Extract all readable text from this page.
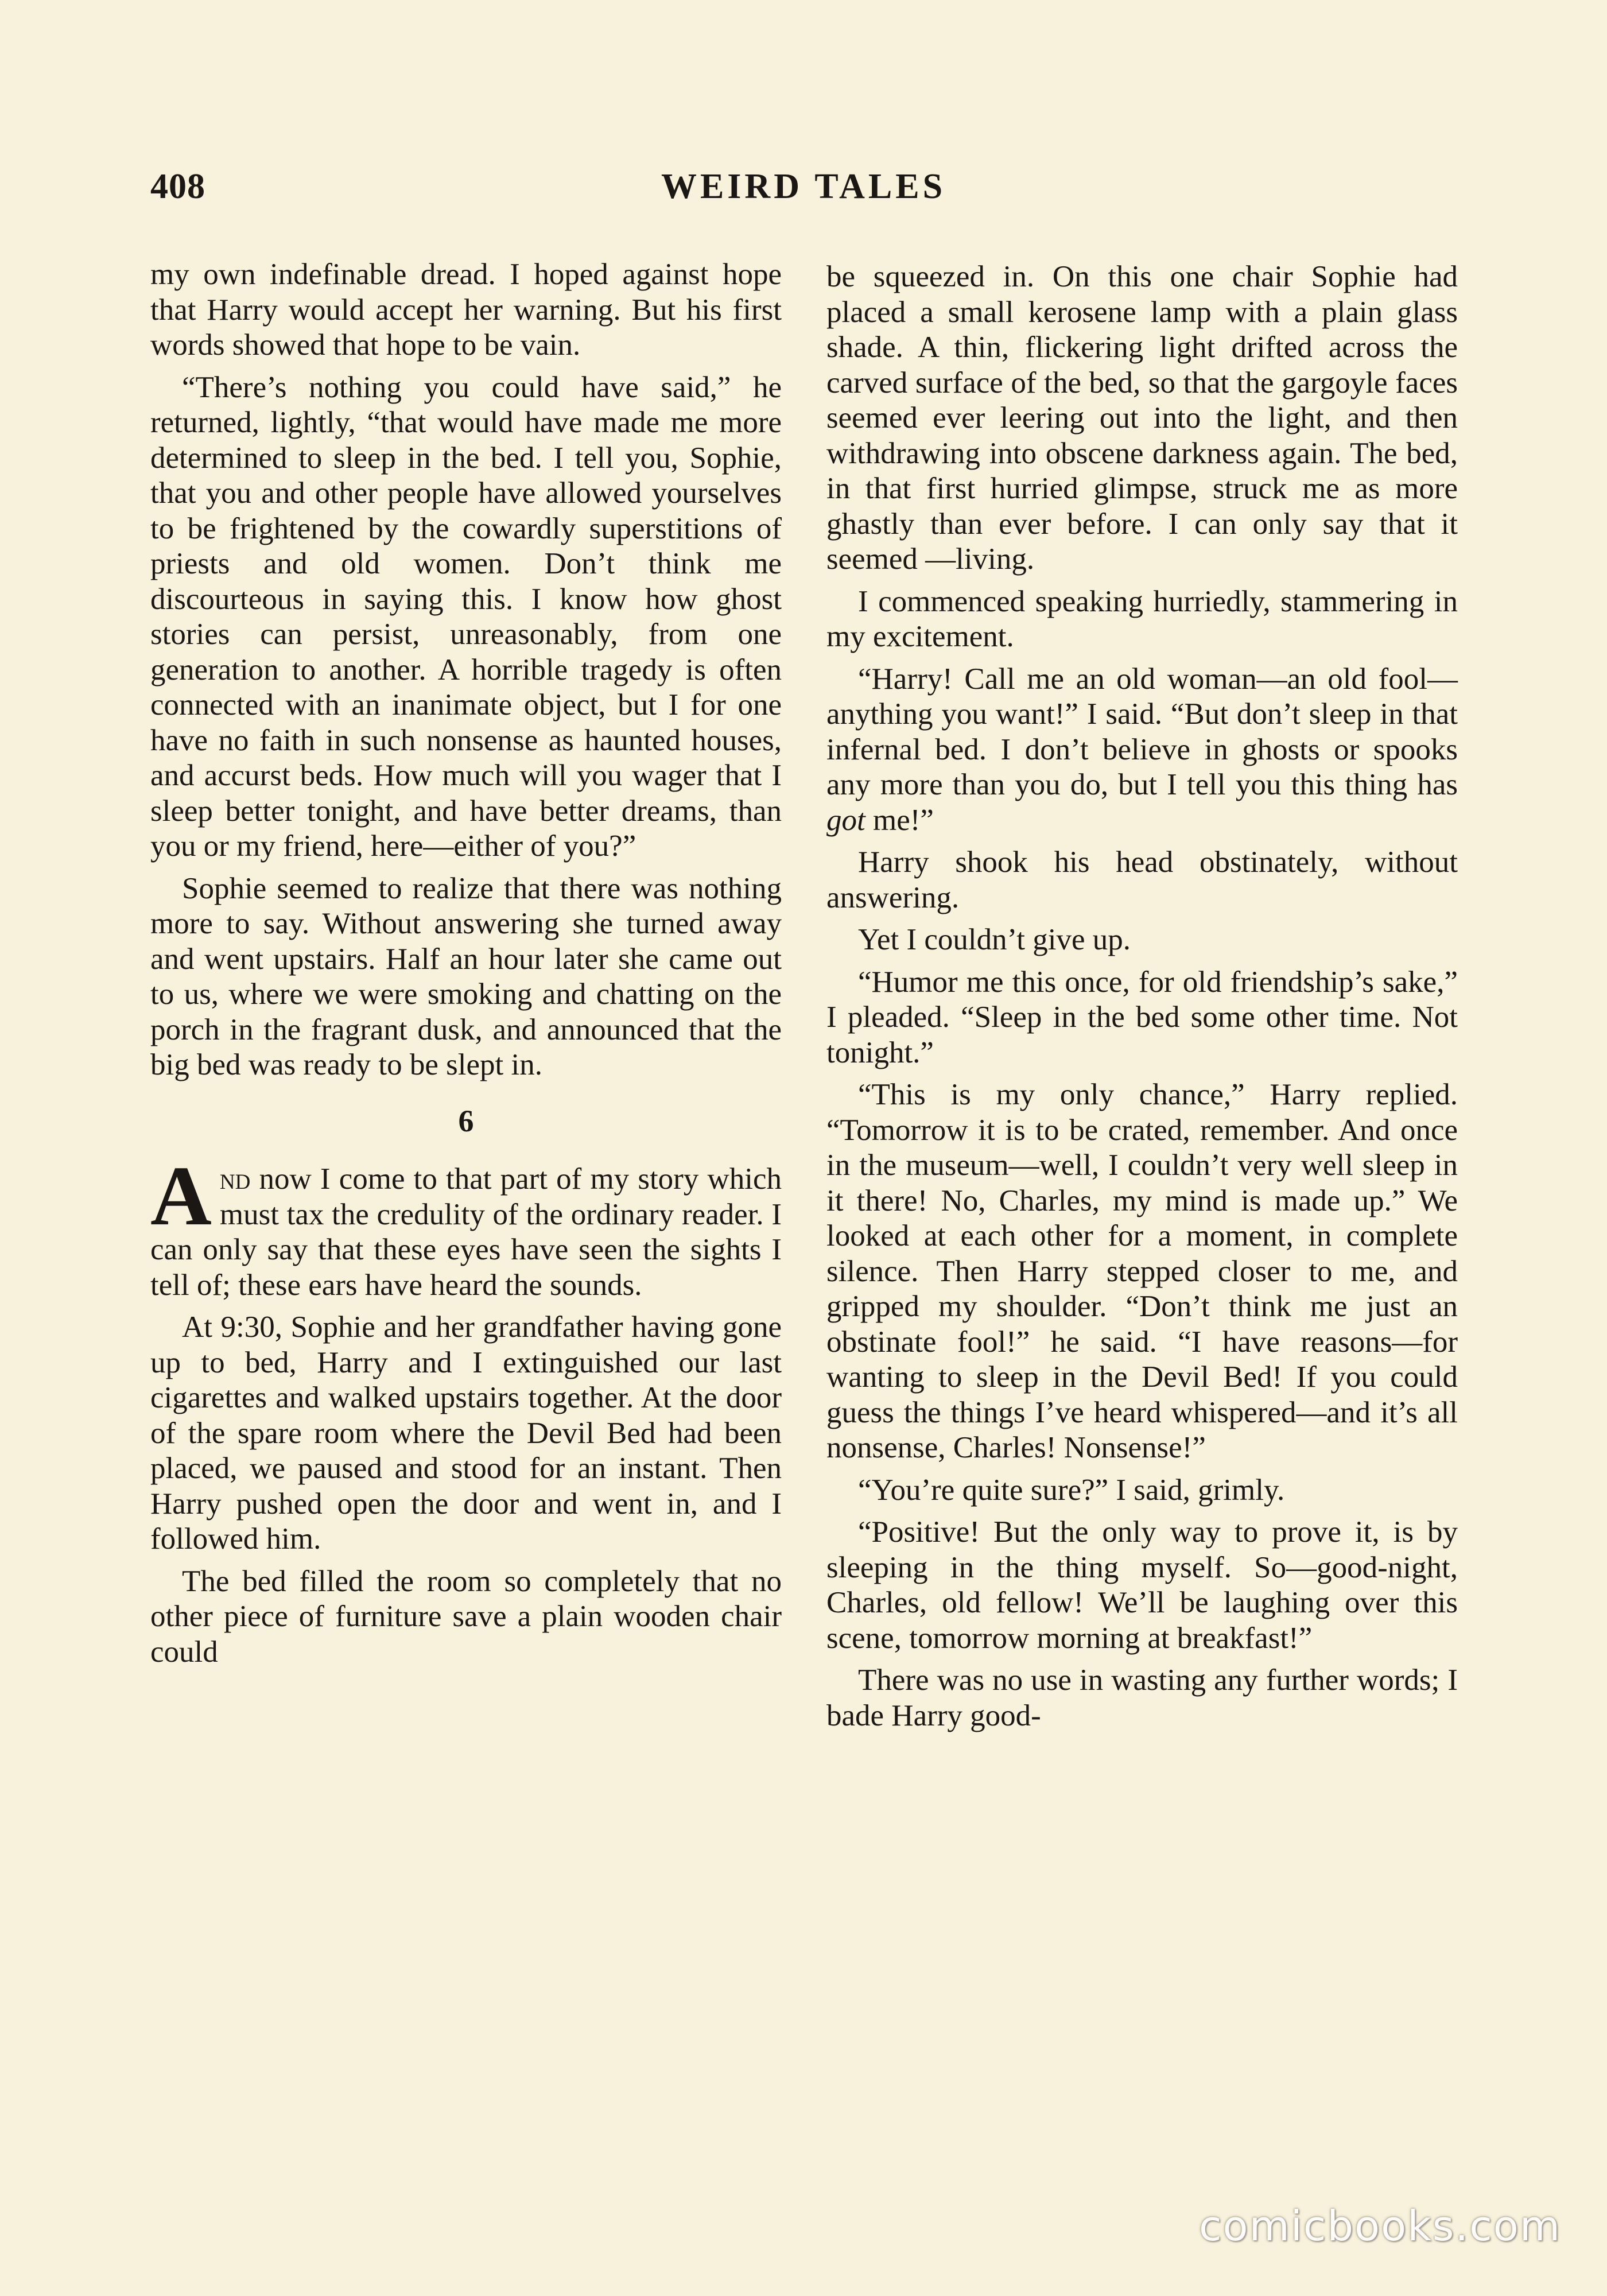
408	WEIRD TALES

my own indefinable dread. I hoped against hope that Harry would accept her warning. But his first words showed that hope to be vain.

“There’s nothing you could have said,” he returned, lightly, “that would have made me more determined to sleep in the bed. I tell you, Sophie, that you and other people have allowed yourselves to be frightened by the cowardly superstitions of priests and old women. Don’t think me discourteous in saying this. I know how ghost stories can persist, unreasonably, from one generation to another. A horrible tragedy is often connected with an inanimate object, but I for one have no faith in such nonsense as haunted houses, and accurst beds. How much will you wager that I sleep better tonight, and have better dreams, than you or my friend, here—either of you?”

Sophie seemed to realize that there was nothing more to say. Without answering she turned away and went upstairs. Half an hour later she came out to us, where we were smoking and chatting on the porch in the fragrant dusk, and announced that the big bed was ready to be slept in.

6

And now I come to that part of my story which must tax the credulity of the ordinary reader. I can only say that these eyes have seen the sights I tell of; these ears have heard the sounds.

At 9:30, Sophie and her grandfather having gone up to bed, Harry and I extinguished our last cigarettes and walked upstairs together. At the door of the spare room where the Devil Bed had been placed, we paused and stood for an instant. Then Harry pushed open the door and went in, and I followed him.

The bed filled the room so completely that no other piece of furniture save a plain wooden chair could

be squeezed in. On this one chair Sophie had placed a small kerosene lamp with a plain glass shade. A thin, flickering light drifted across the carved surface of the bed, so that the gargoyle faces seemed ever leering out into the light, and then withdrawing into obscene darkness again. The bed, in that first hurried glimpse, struck me as more ghastly than ever before. I can only say that it seemed —living.

I commenced speaking hurriedly, stammering in my excitement.

“Harry! Call me an old woman—an old fool—anything you want!” I said. “But don’t sleep in that infernal bed. I don’t believe in ghosts or spooks any more than you do, but I tell you this thing has got me!”

Harry shook his head obstinately, without answering.

Yet I couldn’t give up.

“Humor me this once, for old friendship’s sake,” I pleaded. “Sleep in the bed some other time. Not tonight.”

“This is my only chance,” Harry replied. “Tomorrow it is to be crated, remember. And once in the museum—well, I couldn’t very well sleep in it there! No, Charles, my mind is made up.” We looked at each other for a moment, in complete silence. Then Harry stepped closer to me, and gripped my shoulder. “Don’t think me just an obstinate fool!” he said. “I have reasons—for wanting to sleep in the Devil Bed! If you could guess the things I’ve heard whispered—and it’s all nonsense, Charles! Nonsense!”

“You’re quite sure?” I said, grimly.

“Positive! But the only way to prove it, is by sleeping in the thing myself. So—good-night, Charles, old fellow! We’ll be laughing over this scene, tomorrow morning at breakfast!”

There was no use in wasting any further words; I bade Harry good-

comicbooks.com
